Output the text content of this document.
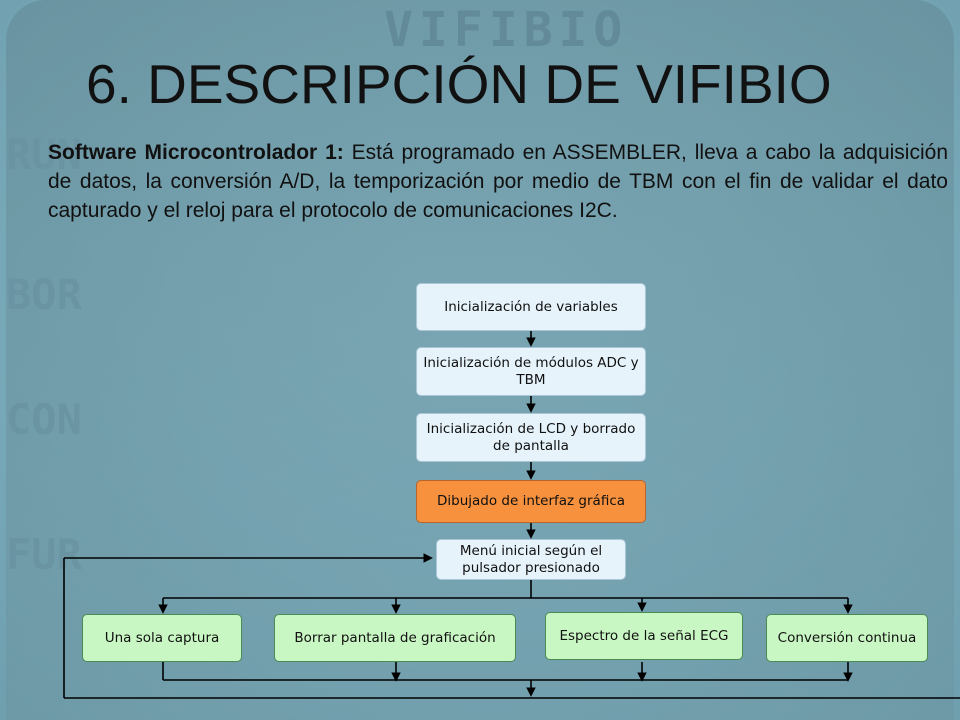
VIFIBIO
RUN
BOR
CON
FUR
6. DESCRIPCIÓN DE VIFIBIO
Software Microcontrolador 1: Está programado en ASSEMBLER, lleva a cabo la adquisición de datos, la conversión A/D, la temporización por medio de TBM con el fin de validar el dato capturado y el reloj para el protocolo de comunicaciones I2C.
Inicialización de variables
Inicialización de módulos ADC y TBM
Inicialización de LCD y borrado de pantalla
Dibujado de interfaz gráfica
Menú inicial según el pulsador presionado
Una sola captura	Borrar pantalla de graficación	Espectro de la señal ECG	Conversión continua
